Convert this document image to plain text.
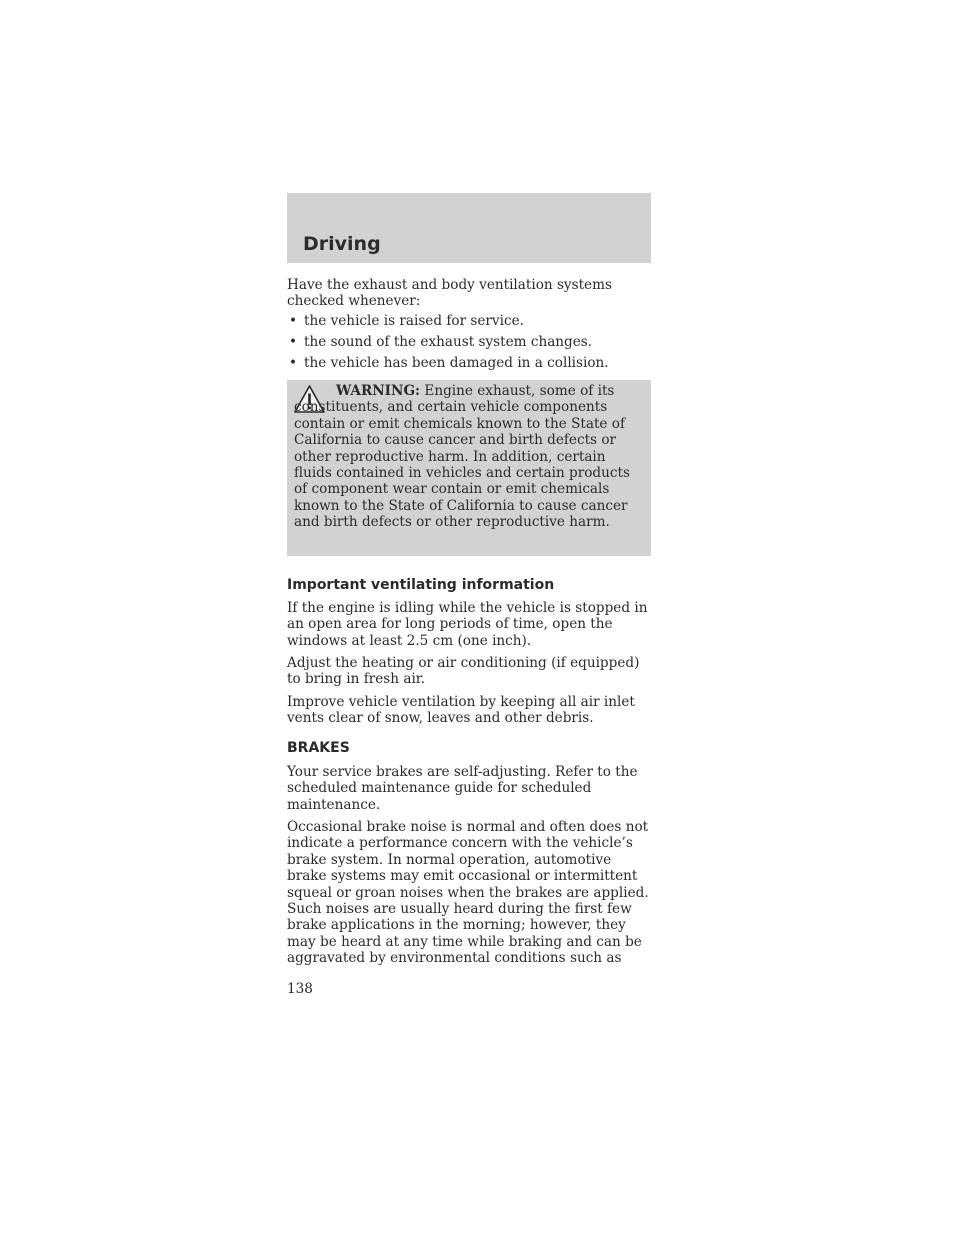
Driving

Have the exhaust and body ventilation systems checked whenever:

• the vehicle is raised for service.
• the sound of the exhaust system changes.
• the vehicle has been damaged in a collision.

WARNING: Engine exhaust, some of its constituents, and certain vehicle components contain or emit chemicals known to the State of California to cause cancer and birth defects or other reproductive harm. In addition, certain fluids contained in vehicles and certain products of component wear contain or emit chemicals known to the State of California to cause cancer and birth defects or other reproductive harm.

Important ventilating information

If the engine is idling while the vehicle is stopped in an open area for long periods of time, open the windows at least 2.5 cm (one inch).

Adjust the heating or air conditioning (if equipped) to bring in fresh air.

Improve vehicle ventilation by keeping all air inlet vents clear of snow, leaves and other debris.

BRAKES

Your service brakes are self-adjusting. Refer to the scheduled maintenance guide for scheduled maintenance.

Occasional brake noise is normal and often does not indicate a performance concern with the vehicle’s brake system. In normal operation, automotive brake systems may emit occasional or intermittent squeal or groan noises when the brakes are applied. Such noises are usually heard during the first few brake applications in the morning; however, they may be heard at any time while braking and can be aggravated by environmental conditions such as

138
